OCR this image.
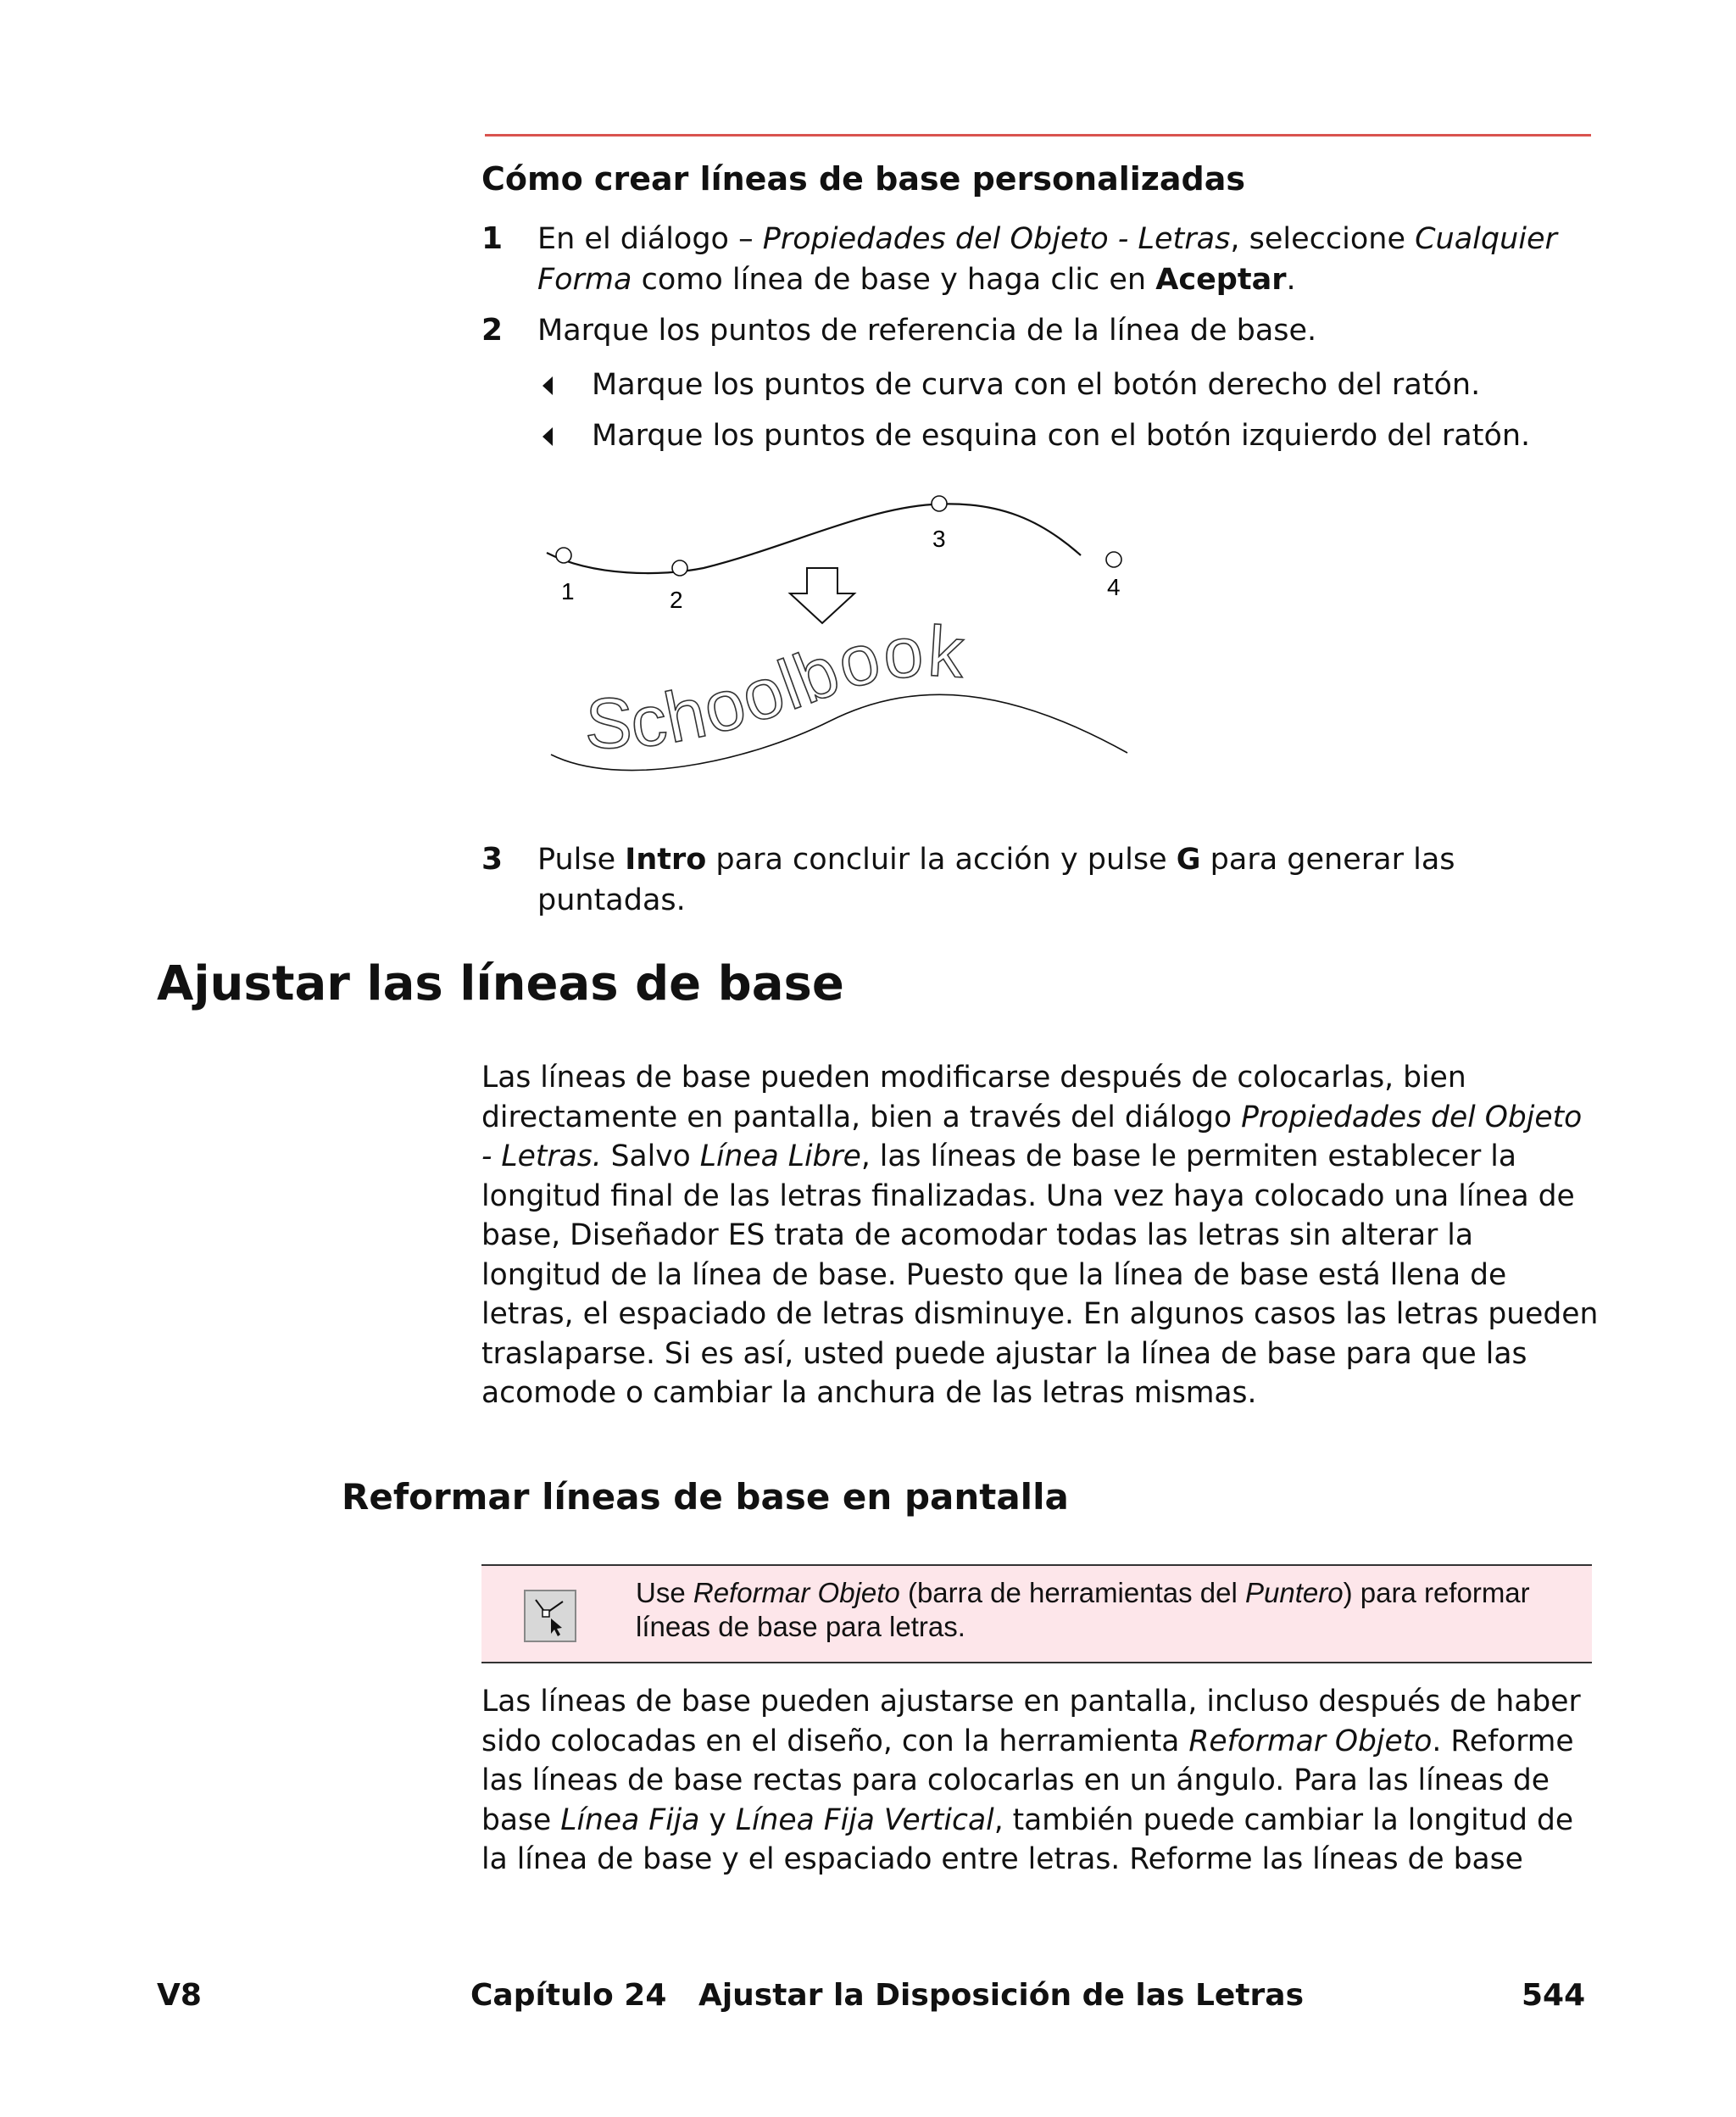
Cómo crear líneas de base personalizadas
1 En el diálogo – Propiedades del Objeto - Letras, seleccione Cualquier Forma como línea de base y haga clic en Aceptar.
2 Marque los puntos de referencia de la línea de base.
Marque los puntos de curva con el botón derecho del ratón.
Marque los puntos de esquina con el botón izquierdo del ratón.
1	2
3
4
Schoolbook
3 Pulse Intro para concluir la acción y pulse G para generar las puntadas.
Ajustar las líneas de base

Las líneas de base pueden modificarse después de colocarlas, bien directamente en pantalla, bien a través del diálogo Propiedades del Objeto - Letras. Salvo Línea Libre, las líneas de base le permiten establecer la longitud final de las letras finalizadas. Una vez haya colocado una línea de base, Diseñador ES trata de acomodar todas las letras sin alterar la longitud de la línea de base. Puesto que la línea de base está llena de letras, el espaciado de letras disminuye. En algunos casos las letras pueden traslaparse. Si es así, usted puede ajustar la línea de base para que las acomode o cambiar la anchura de las letras mismas.

Reformar líneas de base en pantalla
Use Reformar Objeto (barra de herramientas del Puntero) para reformar líneas de base para letras.

Las líneas de base pueden ajustarse en pantalla, incluso después de haber sido colocadas en el diseño, con la herramienta Reformar Objeto. Reforme las líneas de base rectas para colocarlas en un ángulo. Para las líneas de base Línea Fija y Línea Fija Vertical, también puede cambiar la longitud de la línea de base y el espaciado entre letras. Reforme las líneas de base

V8	Capítulo 24   Ajustar la Disposición de las Letras	544
